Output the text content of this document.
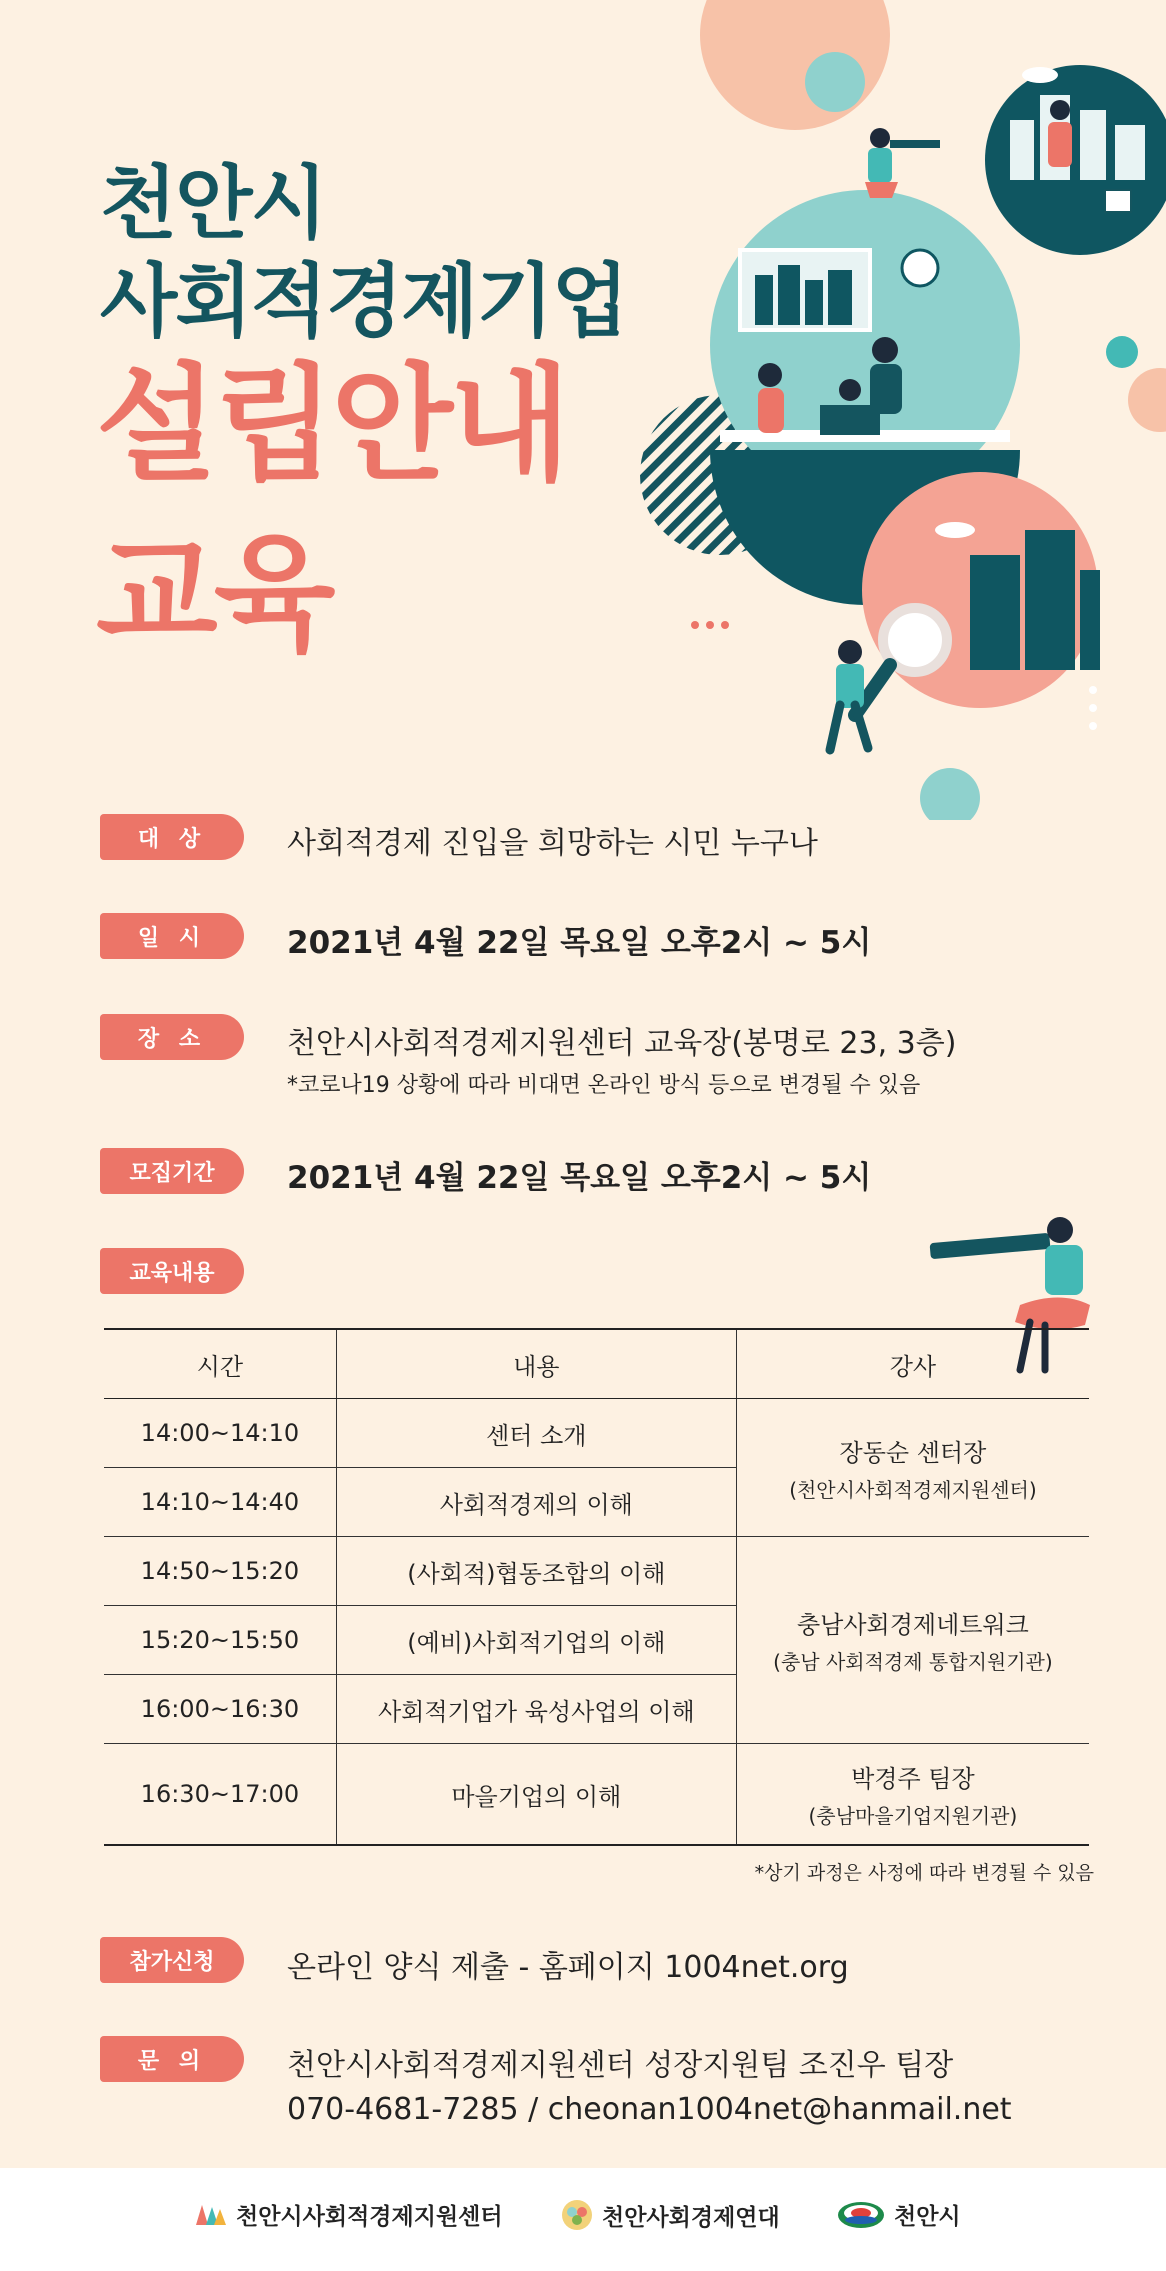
천안시
사회적경제기업
설립안내
교육
대 상	사회적경제 진입을 희망하는 시민 누구나
일 시	2021년 4월 22일 목요일 오후2시 ~ 5시
장 소	천안시사회적경제지원센터 교육장(봉명로 23, 3층)
*코로나19 상황에 따라 비대면 온라인 방식 등으로 변경될 수 있음
모집기간	2021년 4월 22일 목요일 오후2시 ~ 5시
교육내용
시간	내용	강사
14:00~14:10	센터 소개	장동순 센터장
(천안시사회적경제지원센터)

14:10~14:40	사회적경제의 이해	
14:50~15:20	(사회적)협동조합의 이해	충남사회경제네트워크
(충남 사회적경제 통합지원기관)

15:20~15:50	(예비)사회적기업의 이해	
16:00~16:30	사회적기업가 육성사업의 이해	
16:30~17:00	마을기업의 이해	박경주 팀장
(충남마을기업지원기관)
*상기 과정은 사정에 따라 변경될 수 있음
참가신청	온라인 양식 제출 - 홈페이지 1004net.org
문 의	천안시사회적경제지원센터 성장지원팀 조진우 팀장
070-4681-7285 / cheonan1004net@hanmail.net
천안시사회적경제지원센터	천안사회경제연대	천안시
